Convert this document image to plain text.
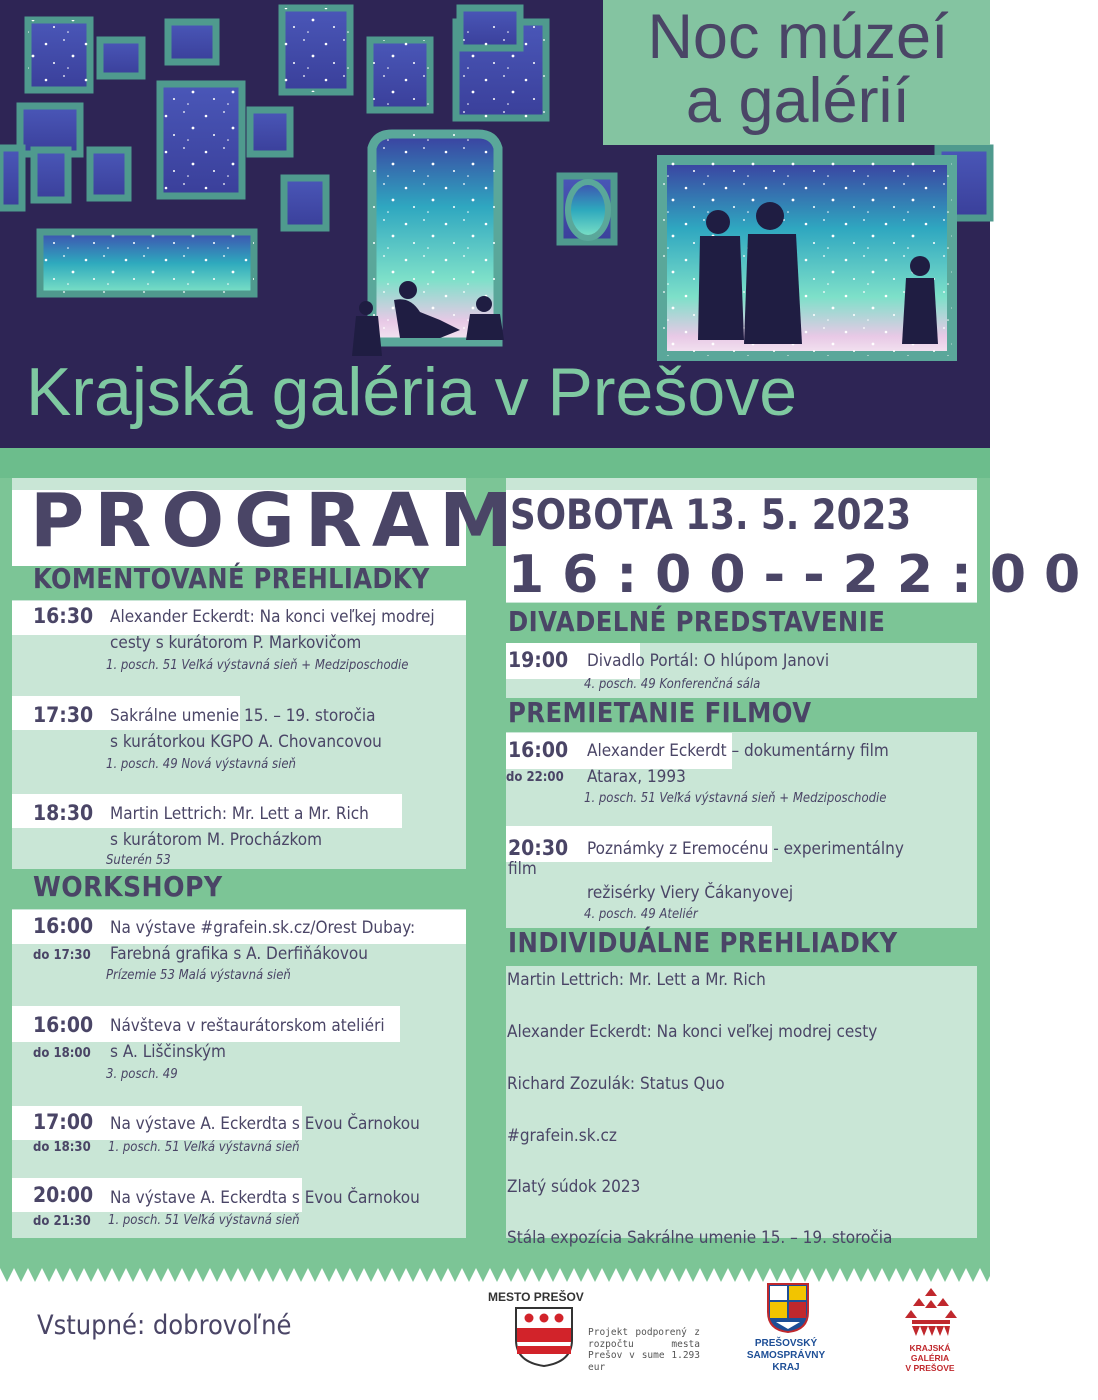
Noc múzeí
a galérií
Krajská galéria v Prešove
PROGRAM
SOBOTA 13. 5. 2023
16:00--22:00
KOMENTOVANÉ PREHLIADKY
WORKSHOPY
DIVADELNÉ PREDSTAVENIE
PREMIETANIE FILMOV
INDIVIDUÁLNE PREHLIADKY
16:30 Alexander Eckerdt: Na konci veľkej modrej
cesty s kurátorom P. Markovičom
1. posch. 51 Veľká výstavná sieň + Medziposchodie
17:30 Sakrálne umenie 15. – 19. storočia
s kurátorkou KGPO A. Chovancovou
1. posch. 49 Nová výstavná sieň
18:30 Martin Lettrich: Mr. Lett a Mr. Rich
s kurátorom M. Procházkom
Suterén 53
16:00
do 17:30
Na výstave #grafein.sk.cz/Orest Dubay:
Farebná grafika s A. Derfiňákovou
Prízemie 53 Malá výstavná sieň
16:00
do 18:00
Návšteva v reštaurátorskom ateliéri
s A. Liščinským
3. posch. 49
17:00
do 18:30
Na výstave A. Eckerdta s Evou Čarnokou
1. posch. 51 Veľká výstavná sieň
20:00
do 21:30
Na výstave A. Eckerdta s Evou Čarnokou
1. posch. 51 Veľká výstavná sieň
19:00 Divadlo Portál: O hlúpom Janovi
4. posch. 49 Konferenčná sála
16:00
do 22:00
Alexander Eckerdt – dokumentárny film
Atarax, 1993
1. posch. 51 Veľká výstavná sieň + Medziposchodie
20:30 Poznámky z Eremocénu - experimentálny
film
režisérky Viery Čákanyovej
4. posch. 49 Ateliér
Martin Lettrich: Mr. Lett a Mr. Rich
Alexander Eckerdt: Na konci veľkej modrej cesty
Richard Zozulák: Status Quo
#grafein.sk.cz
Zlatý súdok 2023
Stála expozícia Sakrálne umenie 15. – 19. storočia
Vstupné: dobrovoľné
MESTO PREŠOV
Projekt podporený z rozpočtu mesta Prešov v sume 1.293 eur
PREŠOVSKÝ
SAMOSPRÁVNY
KRAJ
KRAJSKÁ
GALÉRIA
V PREŠOVE
